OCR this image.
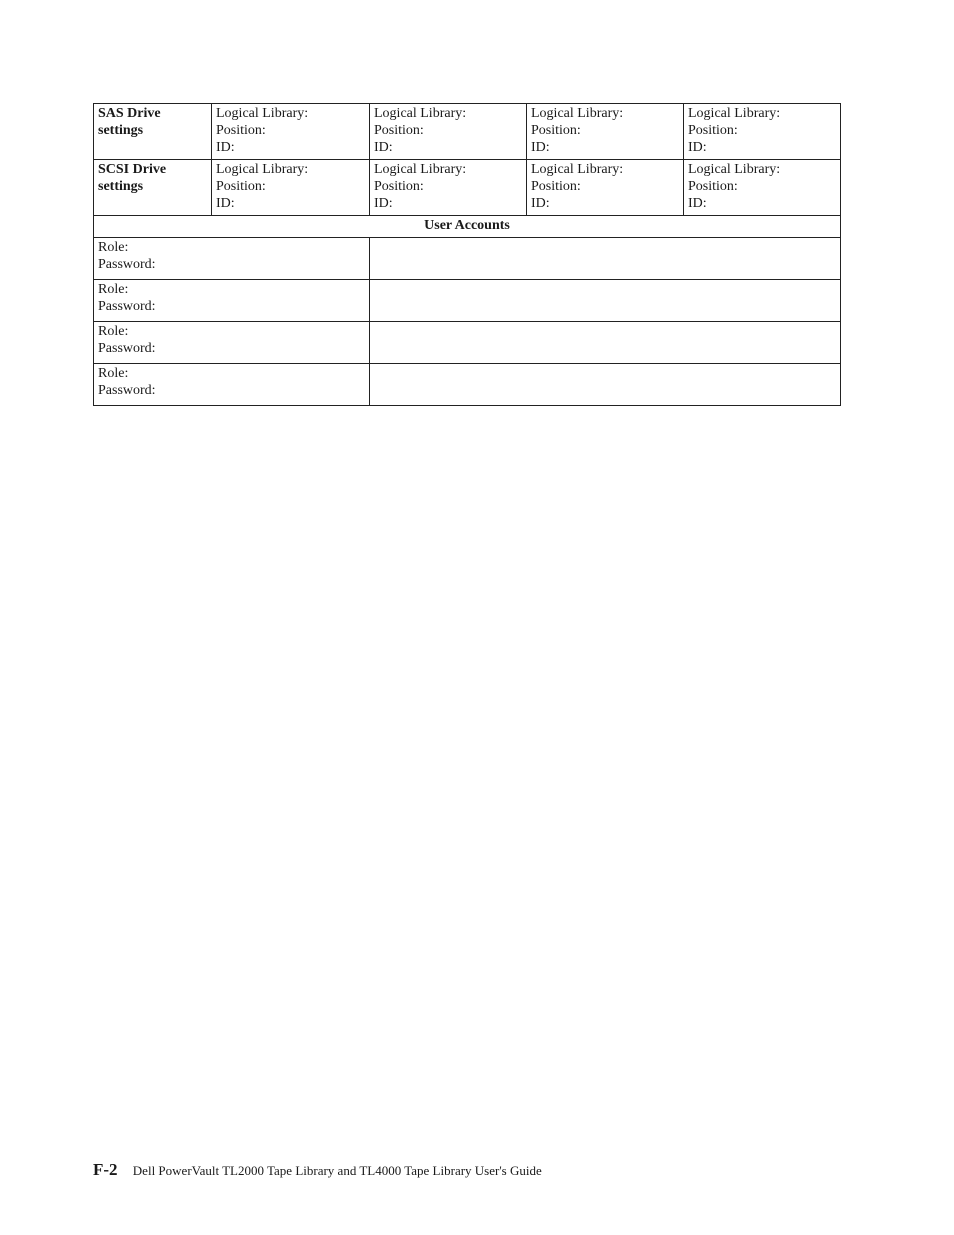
SAS Drive
settings	Logical Library:
Position:
ID:	Logical Library:
Position:
ID:	Logical Library:
Position:
ID:	Logical Library:
Position:
ID:

SCSI Drive
settings	Logical Library:
Position:
ID:	Logical Library:
Position:
ID:	Logical Library:
Position:
ID:	Logical Library:
Position:
ID:

User Accounts				

Role:
Password:				

Role:
Password:				

Role:
Password:				

Role:
Password:				

F-2 Dell PowerVault TL2000 Tape Library and TL4000 Tape Library User's Guide
